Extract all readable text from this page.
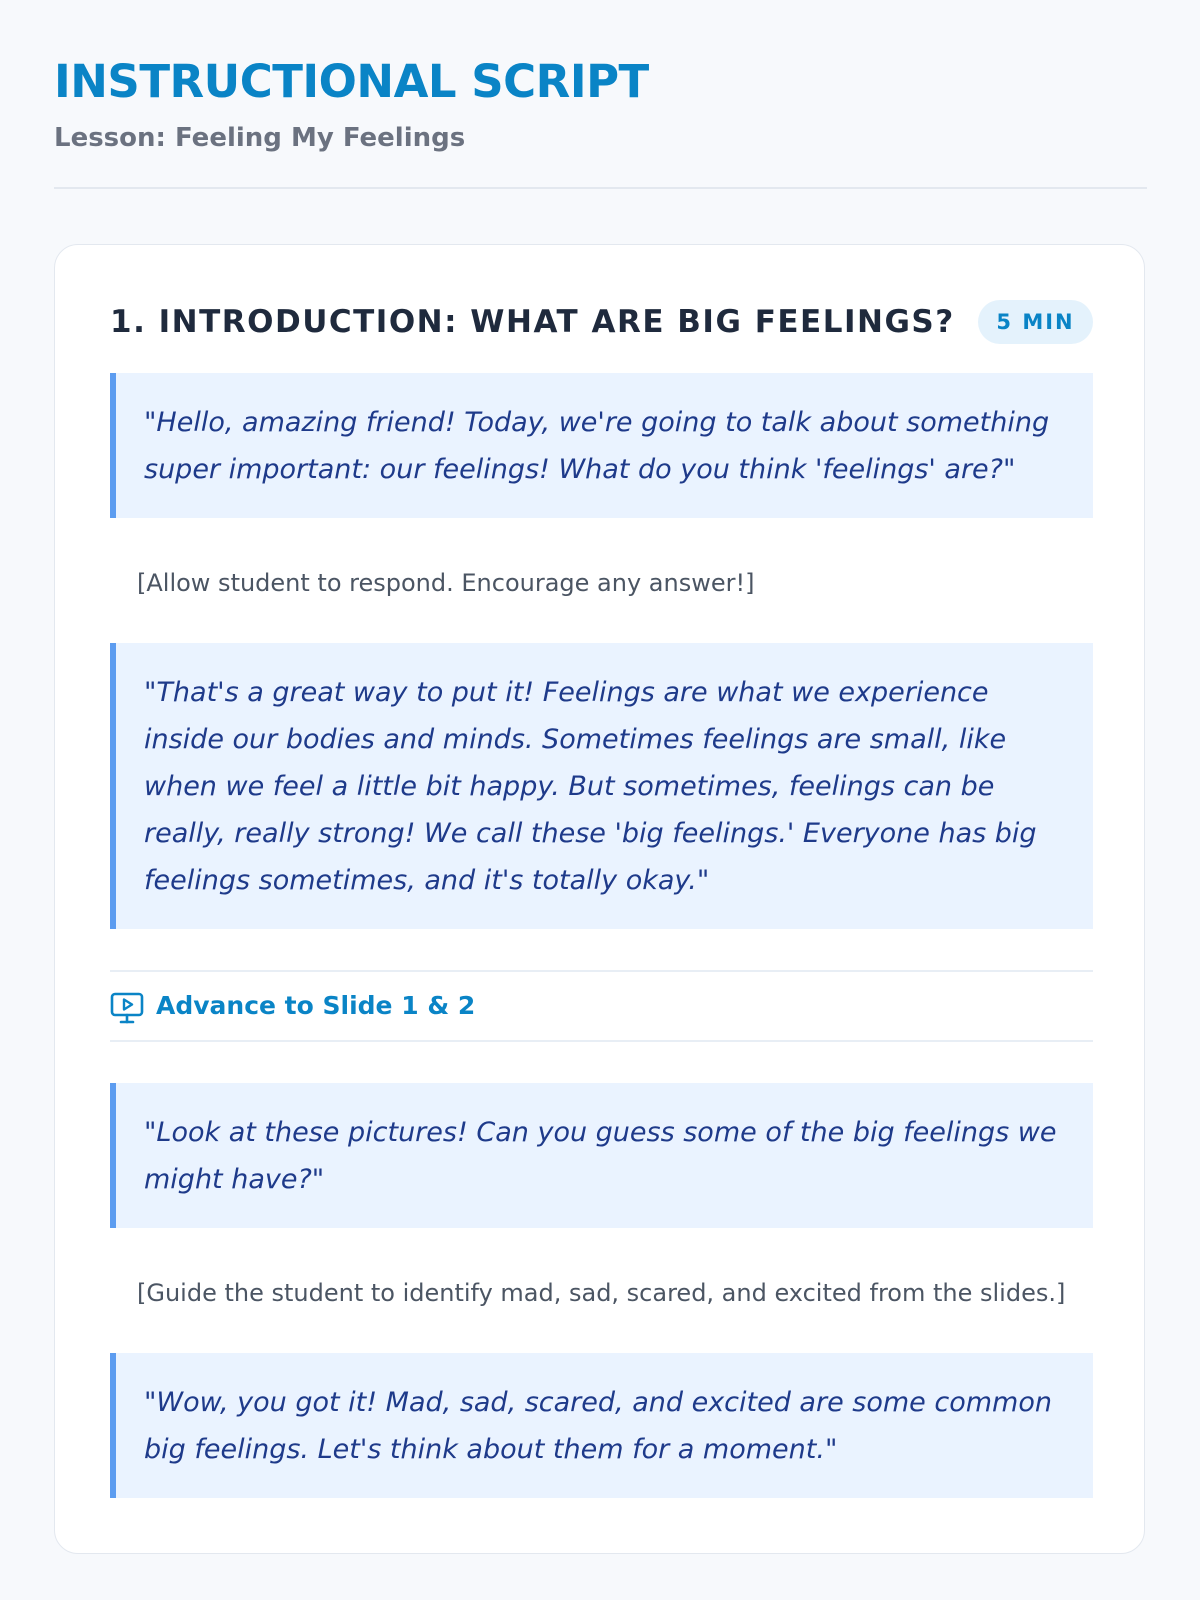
INSTRUCTIONAL SCRIPT
Lesson: Feeling My Feelings
1. INTRODUCTION: WHAT ARE BIG FEELINGS?	5 MIN
"Hello, amazing friend! Today, we're going to talk about something super important: our feelings! What do you think 'feelings' are?"
[Allow student to respond. Encourage any answer!]
"That's a great way to put it! Feelings are what we experience inside our bodies and minds. Sometimes feelings are small, like when we feel a little bit happy. But sometimes, feelings can be really, really strong! We call these 'big feelings.' Everyone has big feelings sometimes, and it's totally okay."
Advance to Slide 1 & 2
"Look at these pictures! Can you guess some of the big feelings we might have?"
[Guide the student to identify mad, sad, scared, and excited from the slides.]
"Wow, you got it! Mad, sad, scared, and excited are some common big feelings. Let's think about them for a moment."
